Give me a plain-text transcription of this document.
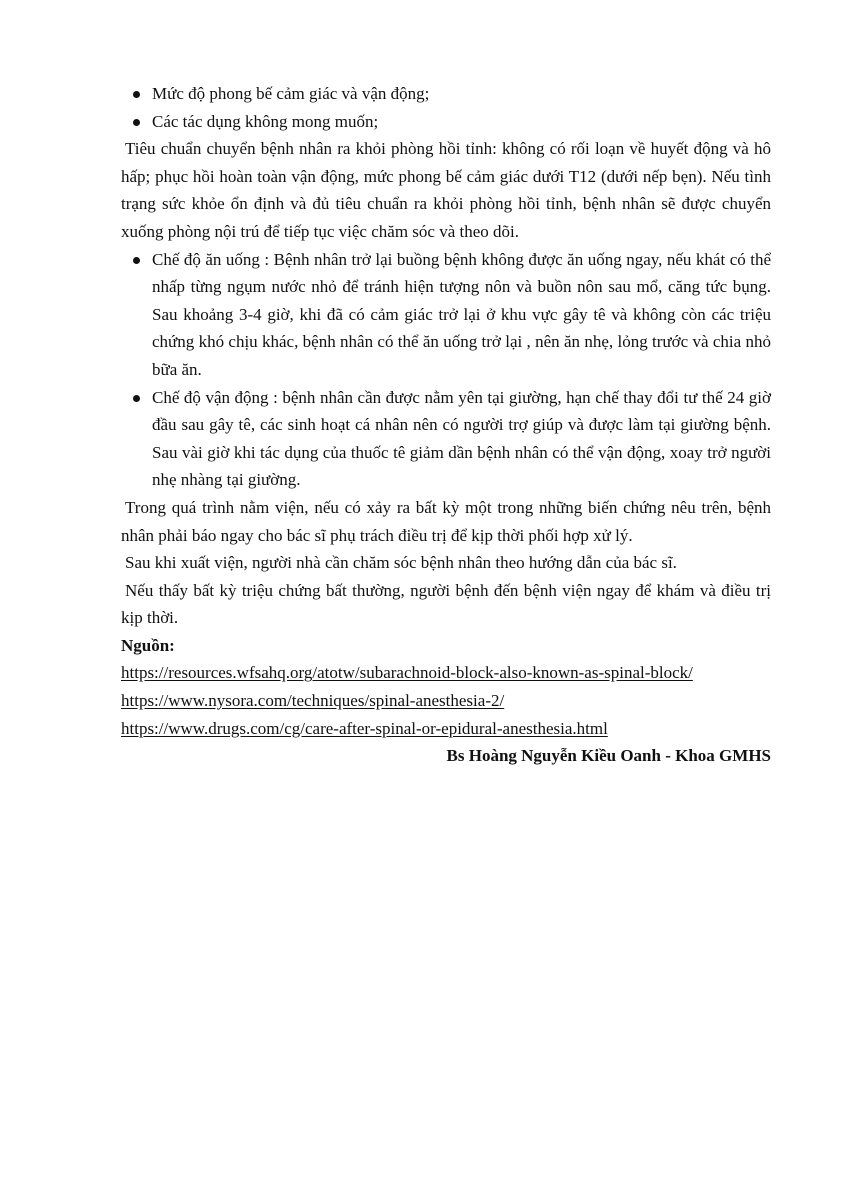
Mức độ phong bế cảm giác và vận động;
Các tác dụng không mong muốn;

Tiêu chuẩn chuyển bệnh nhân ra khỏi phòng hồi tỉnh: không có rối loạn về huyết động và hô hấp; phục hồi hoàn toàn vận động, mức phong bế cảm giác dưới T12 (dưới nếp bẹn). Nếu tình trạng sức khỏe ổn định và đủ tiêu chuẩn ra khỏi phòng hồi tỉnh, bệnh nhân sẽ được chuyển xuống phòng nội trú để tiếp tục việc chăm sóc và theo dõi.

Chế độ ăn uống : Bệnh nhân trở lại buồng bệnh không được ăn uống ngay, nếu khát có thể nhấp từng ngụm nước nhỏ để tránh hiện tượng nôn và buồn nôn sau mổ, căng tức bụng. Sau khoảng 3-4 giờ, khi đã có cảm giác trở lại ở khu vực gây tê và không còn các triệu chứng khó chịu khác, bệnh nhân có thể ăn uống trở lại , nên ăn nhẹ, lỏng trước và chia nhỏ bữa ăn.
Chế độ vận động : bệnh nhân cần được nằm yên tại giường, hạn chế thay đổi tư thế 24 giờ đầu sau gây tê, các sinh hoạt cá nhân nên có người trợ giúp và được làm tại giường bệnh. Sau vài giờ khi tác dụng của thuốc tê giảm dần bệnh nhân có thể vận động, xoay trở người nhẹ nhàng tại giường.

Trong quá trình nằm viện, nếu có xảy ra bất kỳ một trong những biến chứng nêu trên, bệnh nhân phải báo ngay cho bác sĩ phụ trách điều trị để kịp thời phối hợp xử lý.

Sau khi xuất viện, người nhà cần chăm sóc bệnh nhân theo hướng dẫn của bác sĩ.

Nếu thấy bất kỳ triệu chứng bất thường, người bệnh đến bệnh viện ngay để khám và điều trị kịp thời.

Nguồn:

https://resources.wfsahq.org/atotw/subarachnoid-block-also-known-as-spinal-block/
https://www.nysora.com/techniques/spinal-anesthesia-2/
https://www.drugs.com/cg/care-after-spinal-or-epidural-anesthesia.html

Bs Hoàng Nguyễn Kiều Oanh - Khoa GMHS
